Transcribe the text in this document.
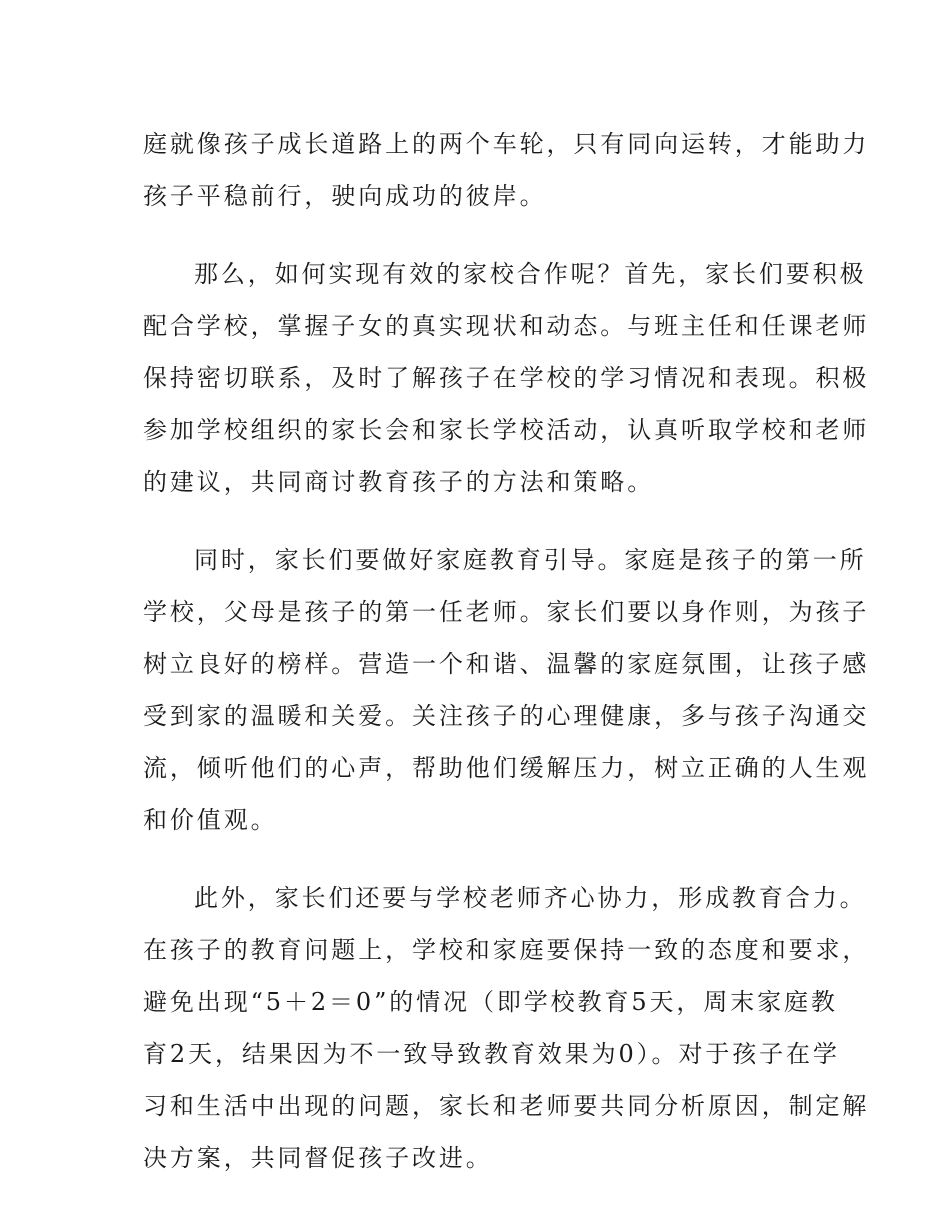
庭就像孩子成长道路上的两个车轮，只有同向运转，才能助力
孩子平稳前行，驶向成功的彼岸。
那么，如何实现有效的家校合作呢？首先，家长们要积极
配合学校，掌握子女的真实现状和动态。与班主任和任课老师
保持密切联系，及时了解孩子在学校的学习情况和表现。积极
参加学校组织的家长会和家长学校活动，认真听取学校和老师
的建议，共同商讨教育孩子的方法和策略。
同时，家长们要做好家庭教育引导。家庭是孩子的第一所
学校，父母是孩子的第一任老师。家长们要以身作则，为孩子
树立良好的榜样。营造一个和谐、温馨的家庭氛围，让孩子感
受到家的温暖和关爱。关注孩子的心理健康，多与孩子沟通交
流，倾听他们的心声，帮助他们缓解压力，树立正确的人生观
和价值观。
此外，家长们还要与学校老师齐心协力，形成教育合力。
在孩子的教育问题上，学校和家庭要保持一致的态度和要求，
避免出现“5＋2＝0”的情况（即学校教育5天，周末家庭教
育2天，结果因为不一致导致教育效果为0）。对于孩子在学
习和生活中出现的问题，家长和老师要共同分析原因，制定解
决方案，共同督促孩子改进。
